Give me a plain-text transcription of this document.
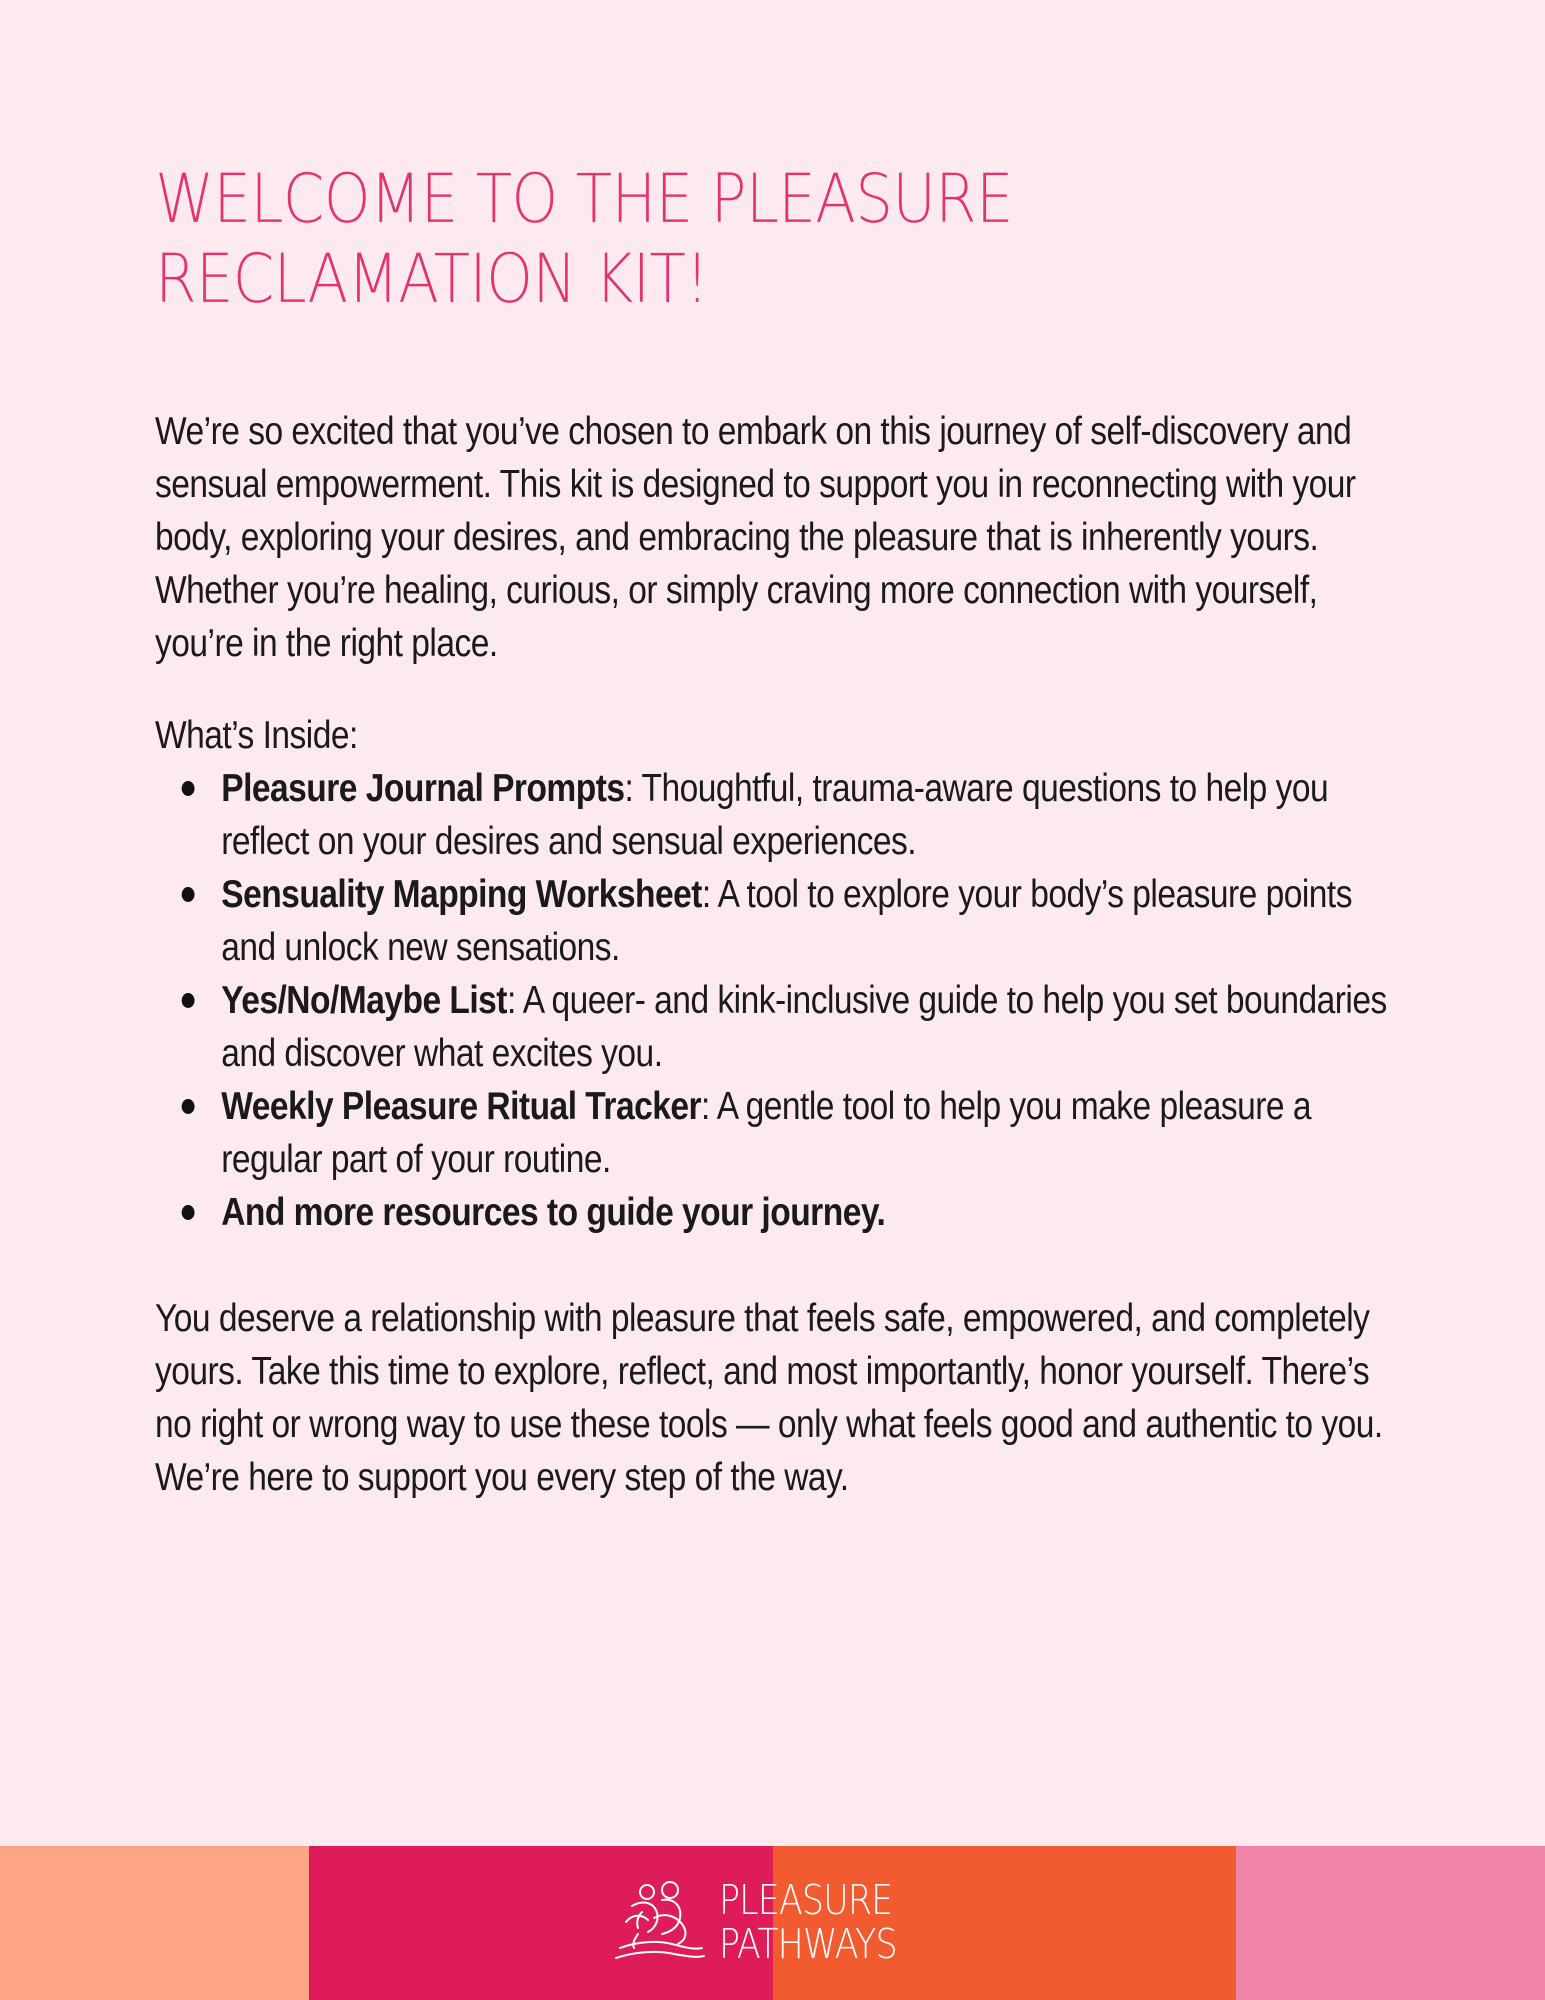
WELCOME TO THE PLEASURE RECLAMATION KIT!

We’re so excited that you’ve chosen to embark on this journey of self-discovery and sensual empowerment. This kit is designed to support you in reconnecting with your body, exploring your desires, and embracing the pleasure that is inherently yours. Whether you’re healing, curious, or simply craving more connection with yourself, you’re in the right place.

What’s Inside:
Pleasure Journal Prompts: Thoughtful, trauma-aware questions to help you reflect on your desires and sensual experiences.
Sensuality Mapping Worksheet: A tool to explore your body’s pleasure points and unlock new sensations.
Yes/No/Maybe List: A queer- and kink-inclusive guide to help you set boundaries and discover what excites you.
Weekly Pleasure Ritual Tracker: A gentle tool to help you make pleasure a regular part of your routine.
And more resources to guide your journey.

You deserve a relationship with pleasure that feels safe, empowered, and completely yours. Take this time to explore, reflect, and most importantly, honor yourself. There’s no right or wrong way to use these tools — only what feels good and authentic to you. We’re here to support you every step of the way.

PLEASURE
PATHWAYS
